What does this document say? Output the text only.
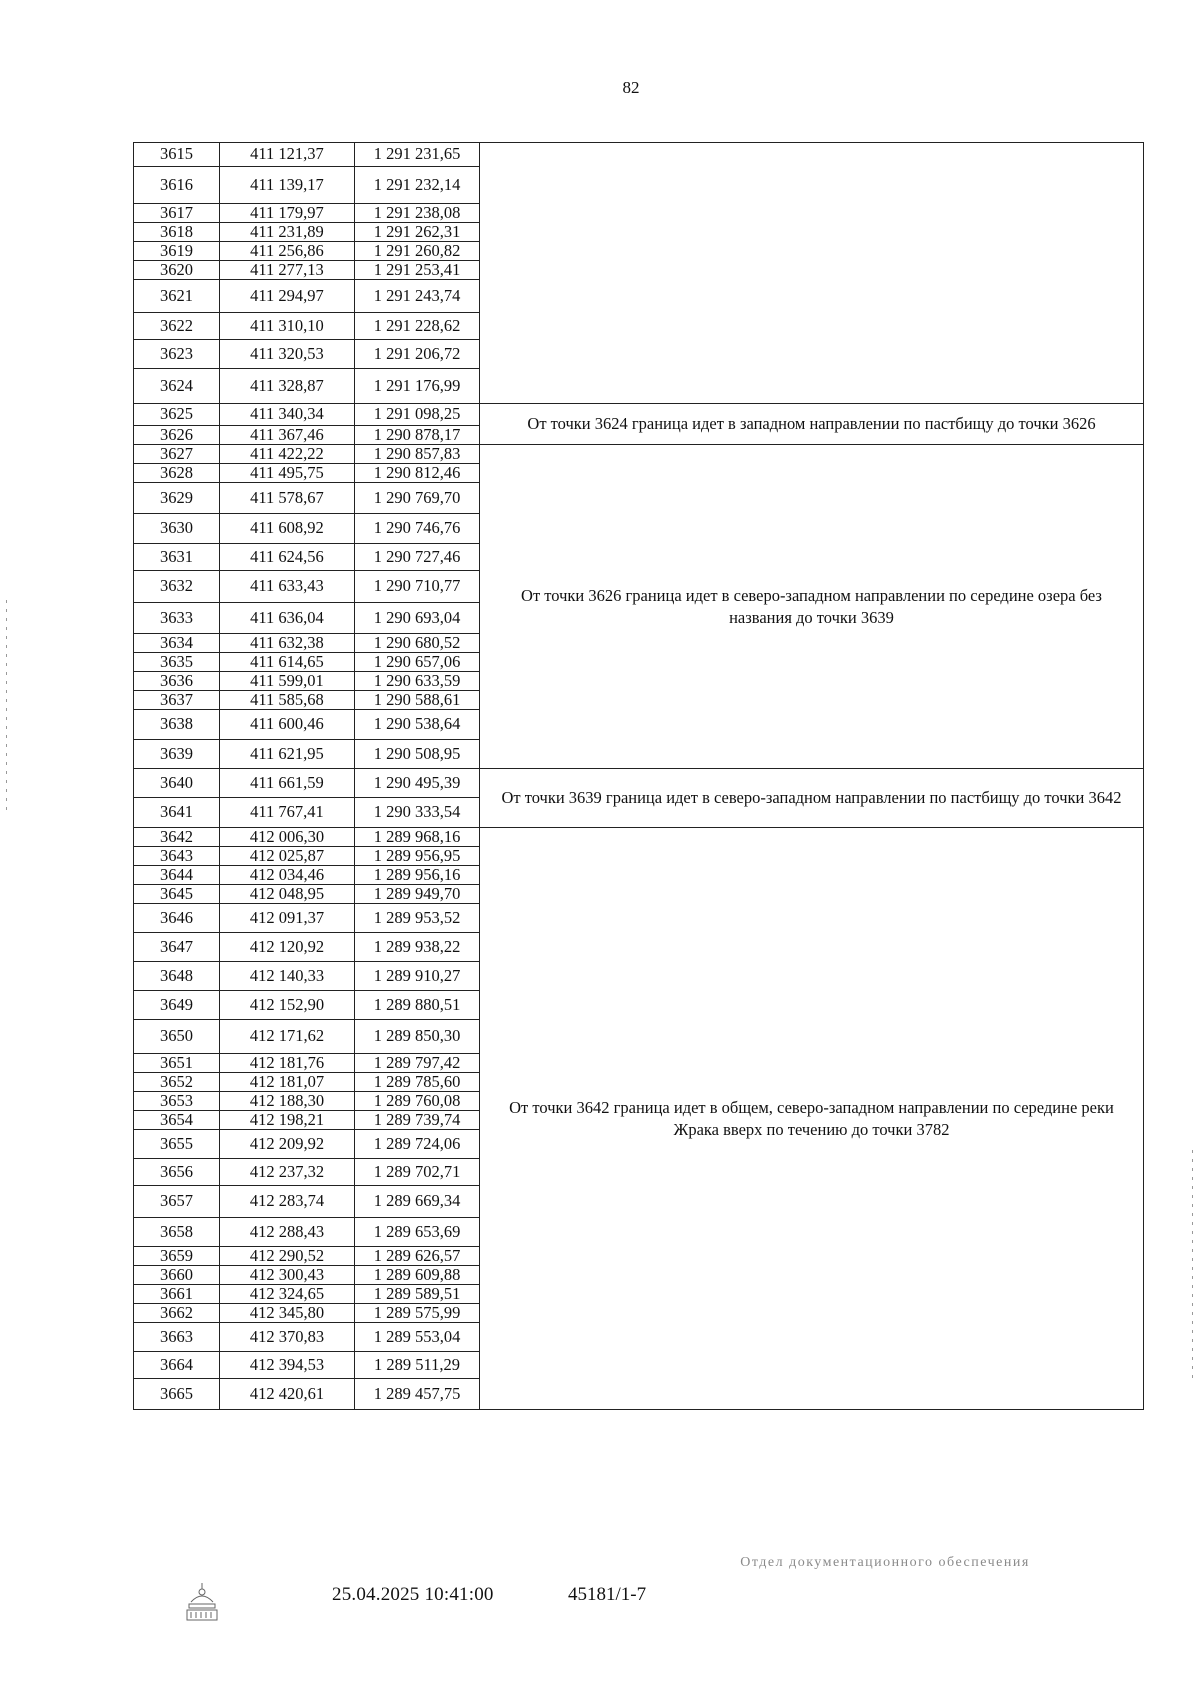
82
3615	411 121,37	1 291 231,65	
3616	411 139,17	1 291 232,14	
3617	411 179,97	1 291 238,08	
3618	411 231,89	1 291 262,31	
3619	411 256,86	1 291 260,82	
3620	411 277,13	1 291 253,41	
3621	411 294,97	1 291 243,74	
3622	411 310,10	1 291 228,62	
3623	411 320,53	1 291 206,72	
3624	411 328,87	1 291 176,99	
3625	411 340,34	1 291 098,25	От точки 3624 граница идет в западном направлении по пастбищу до точки 3626
3626	411 367,46	1 290 878,17	
3627	411 422,22	1 290 857,83	От точки 3626 граница идет в северо-западном направлении по середине озера без названия до точки 3639
3628	411 495,75	1 290 812,46	
3629	411 578,67	1 290 769,70	
3630	411 608,92	1 290 746,76	
3631	411 624,56	1 290 727,46	
3632	411 633,43	1 290 710,77	
3633	411 636,04	1 290 693,04	
3634	411 632,38	1 290 680,52	
3635	411 614,65	1 290 657,06	
3636	411 599,01	1 290 633,59	
3637	411 585,68	1 290 588,61	
3638	411 600,46	1 290 538,64	
3639	411 621,95	1 290 508,95	
3640	411 661,59	1 290 495,39	От точки 3639 граница идет в северо-западном направлении по пастбищу до точки 3642
3641	411 767,41	1 290 333,54	
3642	412 006,30	1 289 968,16	От точки 3642 граница идет в общем, северо-западном направлении по середине реки Жрака вверх по течению до точки 3782
3643	412 025,87	1 289 956,95	
3644	412 034,46	1 289 956,16	
3645	412 048,95	1 289 949,70	
3646	412 091,37	1 289 953,52	
3647	412 120,92	1 289 938,22	
3648	412 140,33	1 289 910,27	
3649	412 152,90	1 289 880,51	
3650	412 171,62	1 289 850,30	
3651	412 181,76	1 289 797,42	
3652	412 181,07	1 289 785,60	
3653	412 188,30	1 289 760,08	
3654	412 198,21	1 289 739,74	
3655	412 209,92	1 289 724,06	
3656	412 237,32	1 289 702,71	
3657	412 283,74	1 289 669,34	
3658	412 288,43	1 289 653,69	
3659	412 290,52	1 289 626,57	
3660	412 300,43	1 289 609,88	
3661	412 324,65	1 289 589,51	
3662	412 345,80	1 289 575,99	
3663	412 370,83	1 289 553,04	
3664	412 394,53	1 289 511,29	
3665	412 420,61	1 289 457,75	
25.04.2025 10:41:00	45181/1-7
Отдел документационного обеспечения
